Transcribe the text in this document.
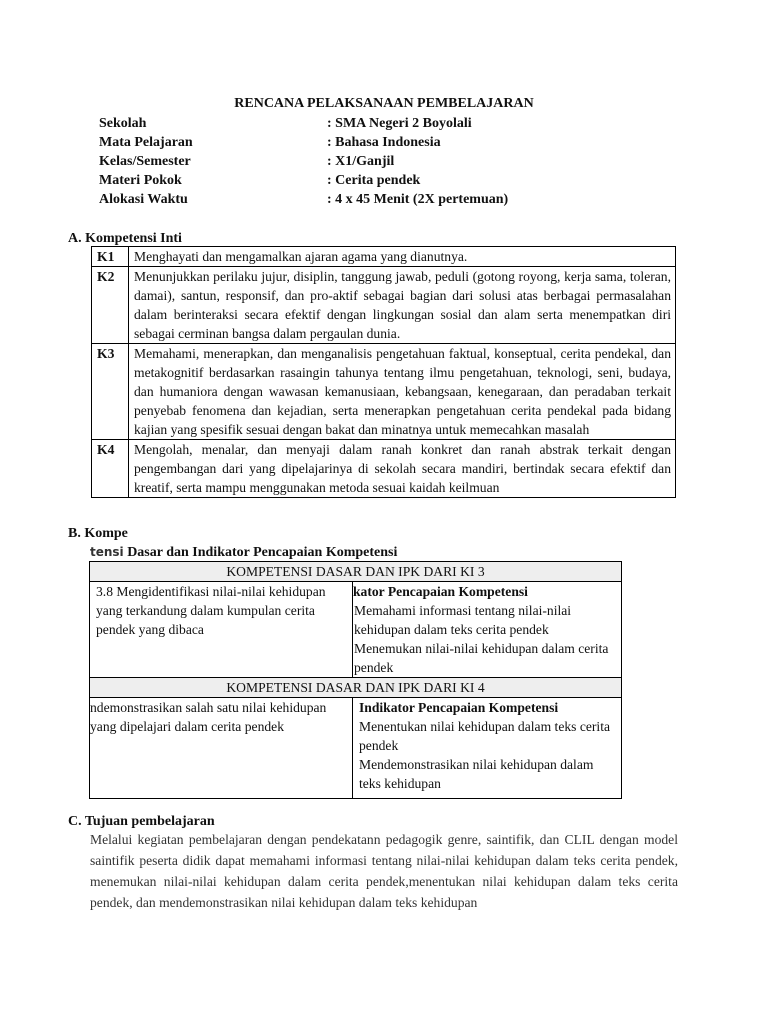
RENCANA PELAKSANAAN PEMBELAJARAN
Sekolah	: SMA Negeri 2 Boyolali
Mata Pelajaran	: Bahasa Indonesia
Kelas/Semester	: X1/Ganjil
Materi Pokok	: Cerita pendek
Alokasi Waktu	: 4 x 45 Menit (2X pertemuan)
A. Kompetensi Inti
K1	Menghayati dan mengamalkan ajaran agama yang dianutnya.
K2	Menunjukkan perilaku jujur, disiplin, tanggung jawab, peduli (gotong royong, kerja sama, toleran, damai), santun, responsif, dan pro-aktif sebagai bagian dari solusi atas berbagai permasalahan dalam berinteraksi secara efektif dengan lingkungan sosial dan alam serta menempatkan diri sebagai cerminan bangsa dalam pergaulan dunia.
K3	Memahami, menerapkan, dan menganalisis pengetahuan faktual, konseptual, cerita pendekal, dan metakognitif berdasarkan rasaingin tahunya tentang ilmu pengetahuan, teknologi, seni, budaya, dan humaniora dengan wawasan kemanusiaan, kebangsaan, kenegaraan, dan peradaban terkait penyebab fenomena dan kejadian, serta menerapkan pengetahuan cerita pendekal pada bidang kajian yang spesifik sesuai dengan bakat dan minatnya untuk memecahkan masalah
K4	Mengolah, menalar, dan menyaji dalam ranah konkret dan ranah abstrak terkait dengan pengembangan dari yang dipelajarinya di sekolah secara mandiri, bertindak secara efektif dan kreatif, serta mampu menggunakan metoda sesuai kaidah keilmuan
B. Kompe
tensi Dasar dan Indikator Pencapaian Kompetensi
KOMPETENSI DASAR DAN IPK DARI KI 3	
3.8 Mengidentifikasi nilai-nilai kehidupan yang terkandung dalam kumpulan cerita pendek yang dibaca	kator Pencapaian Kompetensi
Memahami informasi tentang nilai-nilai kehidupan dalam teks cerita pendek
Menemukan nilai-nilai kehidupan dalam cerita pendek

KOMPETENSI DASAR DAN IPK DARI KI 4	
ndemonstrasikan salah satu nilai kehidupan yang dipelajari dalam cerita pendek	Indikator Pencapaian Kompetensi
Menentukan nilai kehidupan dalam teks cerita pendek
Mendemonstrasikan nilai kehidupan dalam teks kehidupan
C. Tujuan pembelajaran
Melalui kegiatan pembelajaran dengan pendekatann pedagogik genre, saintifik, dan CLIL dengan model saintifik peserta didik dapat memahami informasi tentang nilai-nilai kehidupan dalam teks cerita pendek, menemukan nilai-nilai kehidupan dalam cerita pendek,menentukan nilai kehidupan dalam teks cerita pendek, dan mendemonstrasikan nilai kehidupan dalam teks kehidupan
